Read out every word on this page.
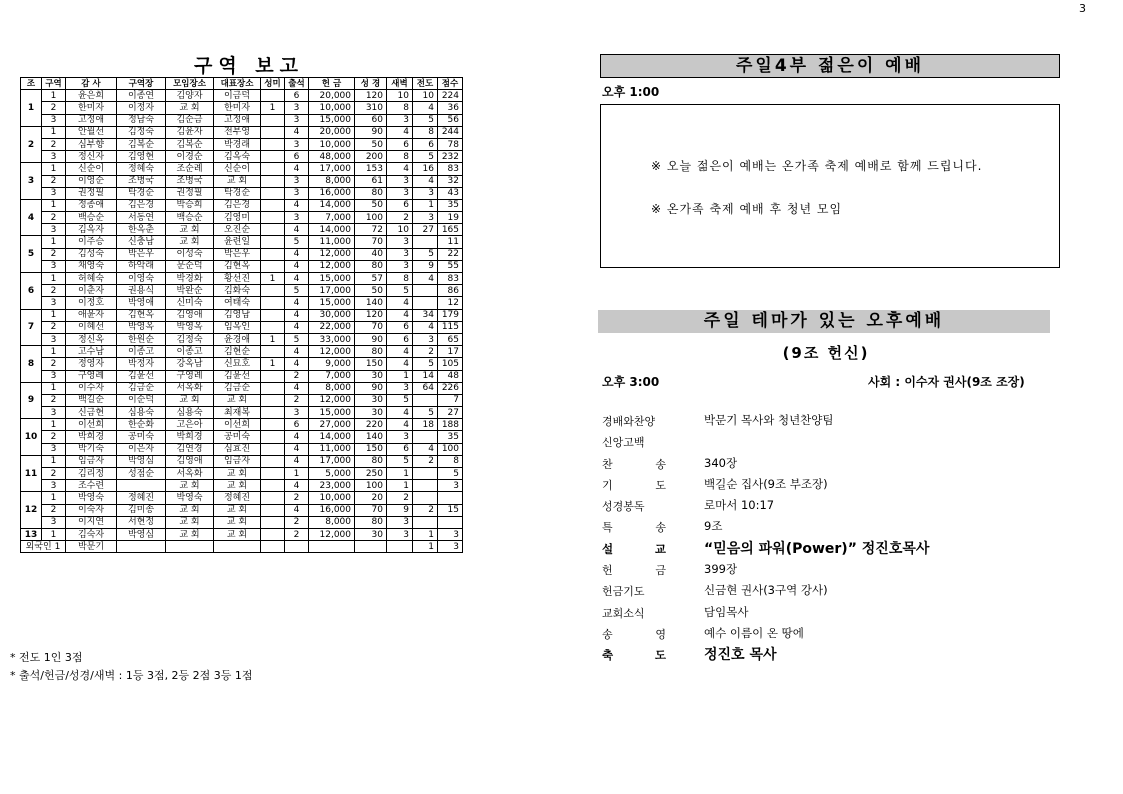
3
구역 보고
조	구역	감 사	구역장	모임장소	대표장소	성미	출석	헌 금	성 경	새벽	전도	점수
1	1	윤은희	이종연	김양자	이금덕		6	20,000	120	10	10	224
	2	한미자	이정자	교 회	한미자	1	3	10,000	310	8	4	36
	3	고정애	정남숙	김순금	고정애		3	15,000	60	3	5	56
2	1	안월선	김정숙	김윤자	전부영		4	20,000	90	4	8	244
	2	심부향	김복순	김복순	박경래		3	10,000	50	6	6	78
	3	정신자	김영현	이경순	김옥숙		6	48,000	200	8	5	232
3	1	신순이	정혜숙	조순례	신순이		4	17,000	153	4	16	83
	2	이영순	조병국	조병국	교 회		3	8,000	61	3	4	32
	3	권정필	탁경순	권정필	탁경순		3	16,000	80	3	3	43
4	1	정종애	김은경	박승희	김은경		4	14,000	50	6	1	35
	2	백승순	서동연	백승순	김영미		3	7,000	100	2	3	19
	3	김옥자	한옥춘	교 회	오진순		4	14,000	72	10	27	165
5	1	이주승	신충남	교 회	윤련일		5	11,000	70	3		11
	2	김성숙	박은우	이성숙	박은우		4	12,000	40	3	5	22
	3	채영숙	하악래	문순덕	김현옥		4	12,000	80	3	9	55
6	1	허혜숙	이영숙	박경화	황선진	1	4	15,000	57	8	4	83
	2	이춘자	권용식	박완순	김화숙		5	17,000	50	5		86
	3	이정호	박영애	신미숙	여태숙		4	15,000	140	4		12
7	1	애윤자	김현옥	김영애	김영남		4	30,000	120	4	34	179
	2	이혜선	박영옥	박영옥	임옥인		4	22,000	70	6	4	115
	3	정신옥	한원순	김정숙	윤경애	1	5	33,000	90	6	3	65
8	1	고수남	이종고	이종고	김현순		4	12,000	80	4	2	17
	2	정영자	박정자	강옥남	신묘호	1	4	9,000	150	4	5	105
	3	구영례	김윤선	구영례	김윤선		2	7,000	30	1	14	48
9	1	이수자	김금순	서옥화	김금순		4	8,000	90	3	64	226
	2	백길순	이순덕	교 회	교 회		2	12,000	30	5		7
	3	신금현	심용숙	심용숙	최재복		3	15,000	30	4	5	27
10	1	이선희	한순화	고은아	이선희		6	27,000	220	4	18	188
	2	박희경	공미숙	박희경	공미숙		4	14,000	140	3		35
	3	박기숙	이은자	김연경	심효진		4	11,000	150	6	4	100
11	1	임금자	박영심	김영애	임금자		4	17,000	80	5	2	8
	2	김리정	성점순	서옥화	교 회		1	5,000	250	1		5
	3	조수련		교 회	교 회		4	23,000	100	1		3
12	1	박영숙	정혜진	박영숙	정혜진		2	10,000	20	2		
	2	이숙자	김미송	교 회	교 회		4	16,000	70	9	2	15
	3	이지연	서현정	교 회	교 회		2	8,000	80	3		
13	1	김숙자	박영심	교 회	교 회		2	12,000	30	3	1	3
외국인 1		박문기									1	3
* 전도 1인 3점
* 출석/헌금/성경/새벽 : 1등 3점, 2등 2점 3등 1점
주일4부 젊은이 예배
오후 1:00
※ 오늘 젊은이 예배는 온가족 축제 예배로 함께 드립니다.
※ 온가족 축제 예배 후 청년 모임
주일 테마가 있는 오후예배
(9조 헌신)
오후 3:00	사회 : 이수자 권사(9조 조장)
경배와찬양	박문기 목사와 청년찬양팀
신앙고백
찬 송	340장
기 도	백길순 집사(9조 부조장)
성경봉독	로마서 10:17
특 송	9조
설 교	“믿음의 파워(Power)” 정진호목사
헌 금	399장
헌금기도	신금현 권사(3구역 강사)
교회소식	담임목사
송 영	예수 이름이 온 땅에
축 도	정진호 목사
